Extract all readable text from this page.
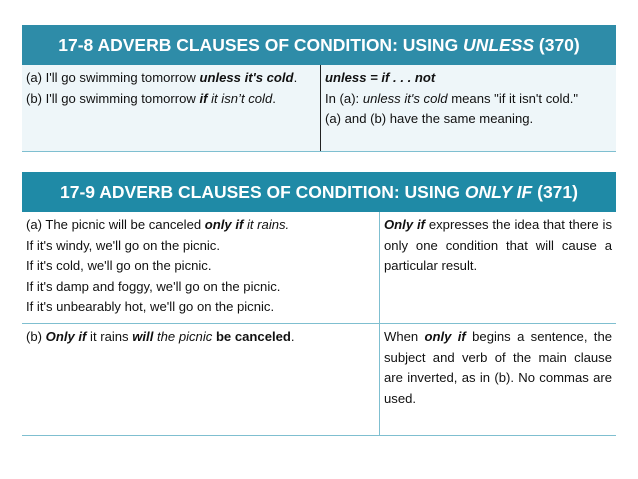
17-8 ADVERB CLAUSES OF CONDITION: USING UNLESS (370)
(a) I'll go swimming tomorrow unless it's cold.
(b) I'll go swimming tomorrow if it isn’t cold.
unless = if . . . not
In (a): unless it's cold means "if it isn't cold."
(a) and (b) have the same meaning.
17-9 ADVERB CLAUSES OF CONDITION: USING ONLY IF (371)
(a) The picnic will be canceled only if it rains.
If it's windy, we'll go on the picnic.
If it's cold, we'll go on the picnic.
If it's damp and foggy, we'll go on the picnic.
If it's unbearably hot, we'll go on the picnic.
Only if expresses the idea that there is only one condition that will cause a particular result.
(b) Only if it rains will the picnic be canceled.	When only if begins a sentence, the subject and verb of the main clause are inverted, as in (b). No commas are used.
